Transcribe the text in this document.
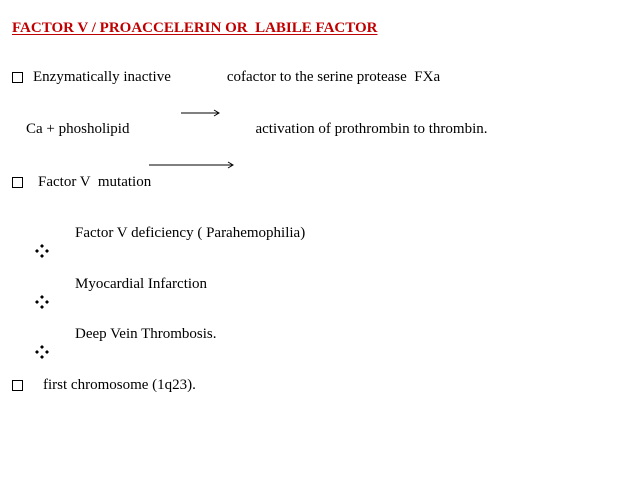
FACTOR V / PROACCELERIN OR  LABILE FACTOR
Enzymatically inactive

	cofactor to the serine protease  FXa
Ca + phosholipid

	activation of prothrombin to thrombin.
Factor V  mutation

Factor V deficiency ( Parahemophilia)

Myocardial Infarction

Deep Vein Thrombosis.
first chromosome (1q23).
